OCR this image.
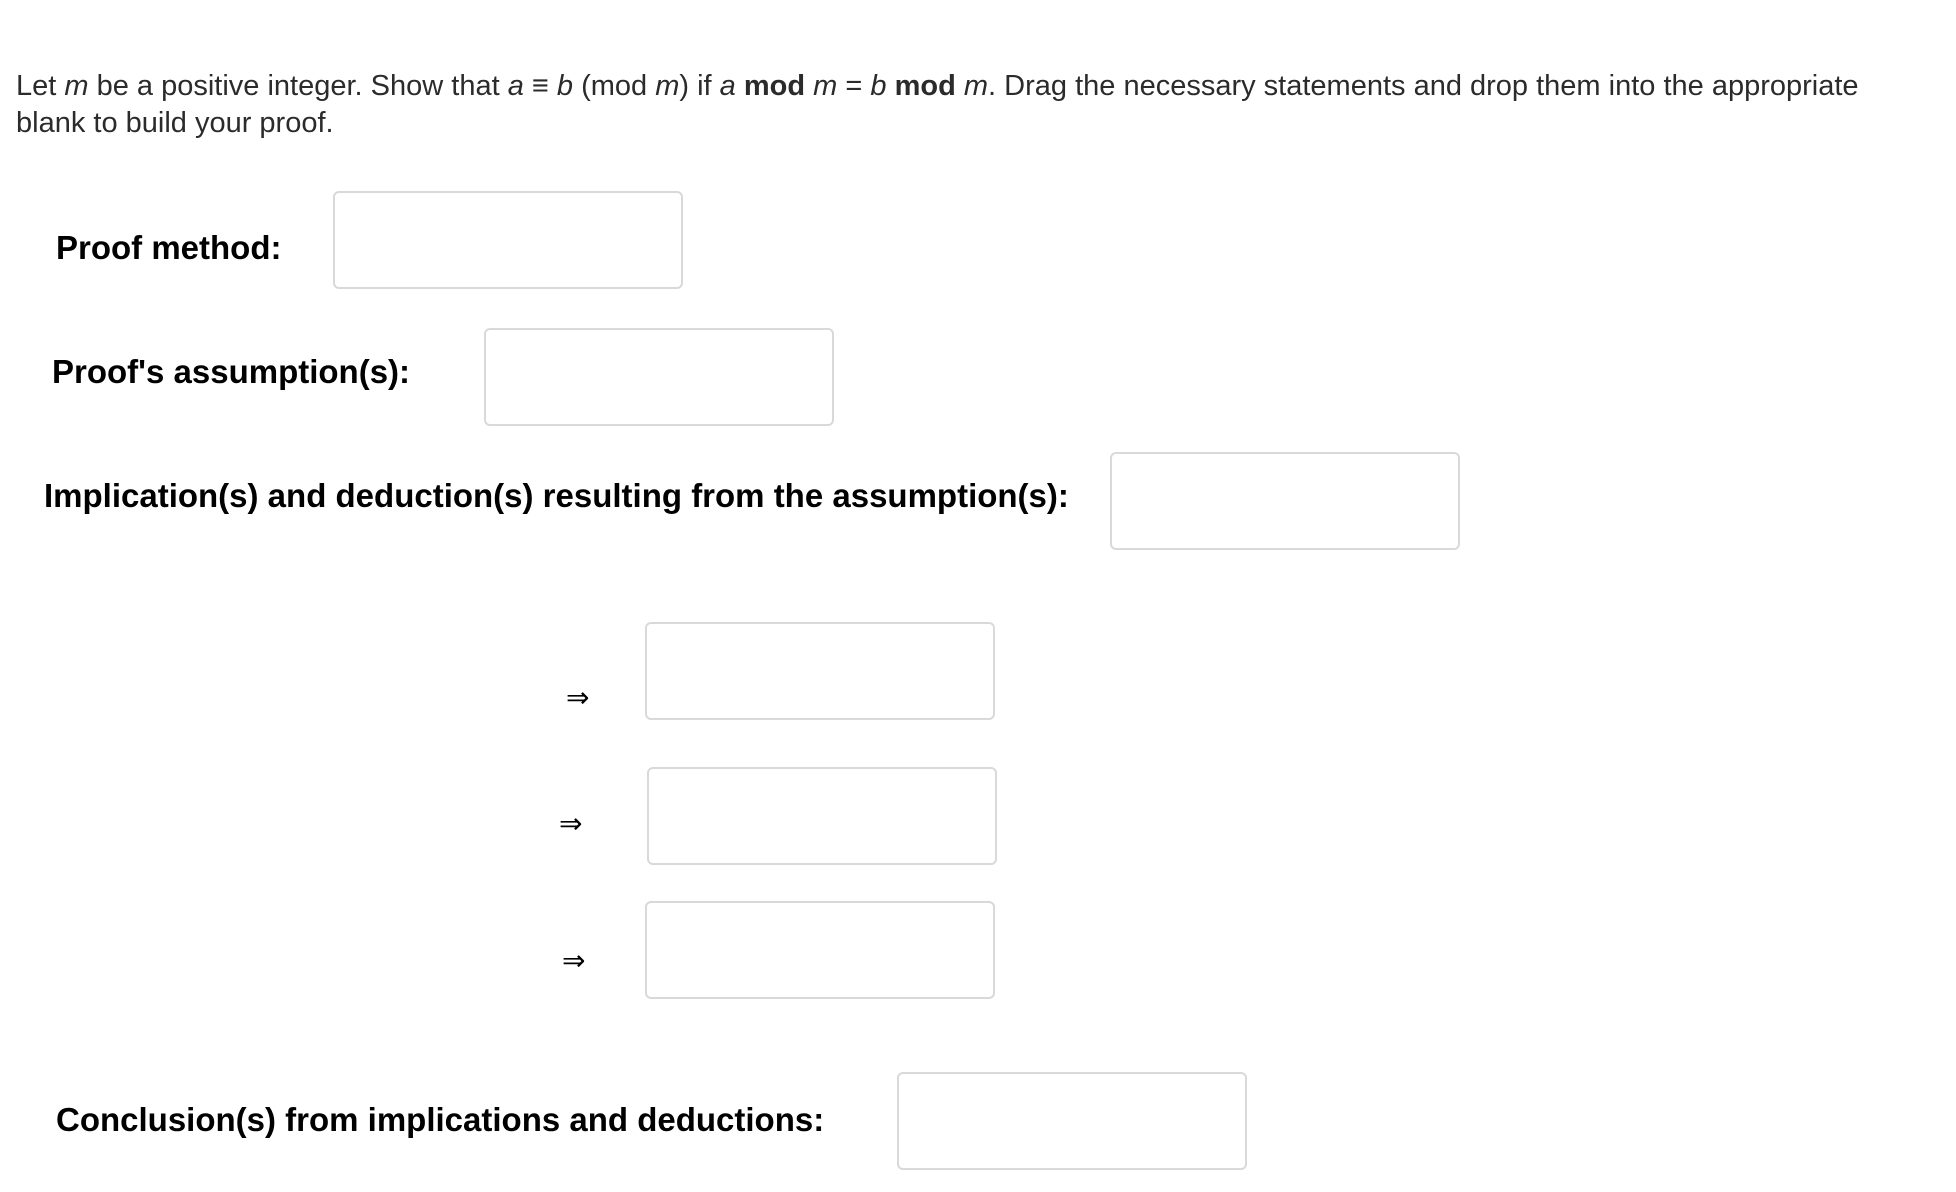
Let m be a positive integer. Show that a ≡ b (mod m) if a mod m = b mod m. Drag the necessary statements and drop them into the appropriate blank to build your proof.
Proof method:
Proof's assumption(s):
Implication(s) and deduction(s) resulting from the assumption(s):
⇒
⇒
⇒
Conclusion(s) from implications and deductions:
